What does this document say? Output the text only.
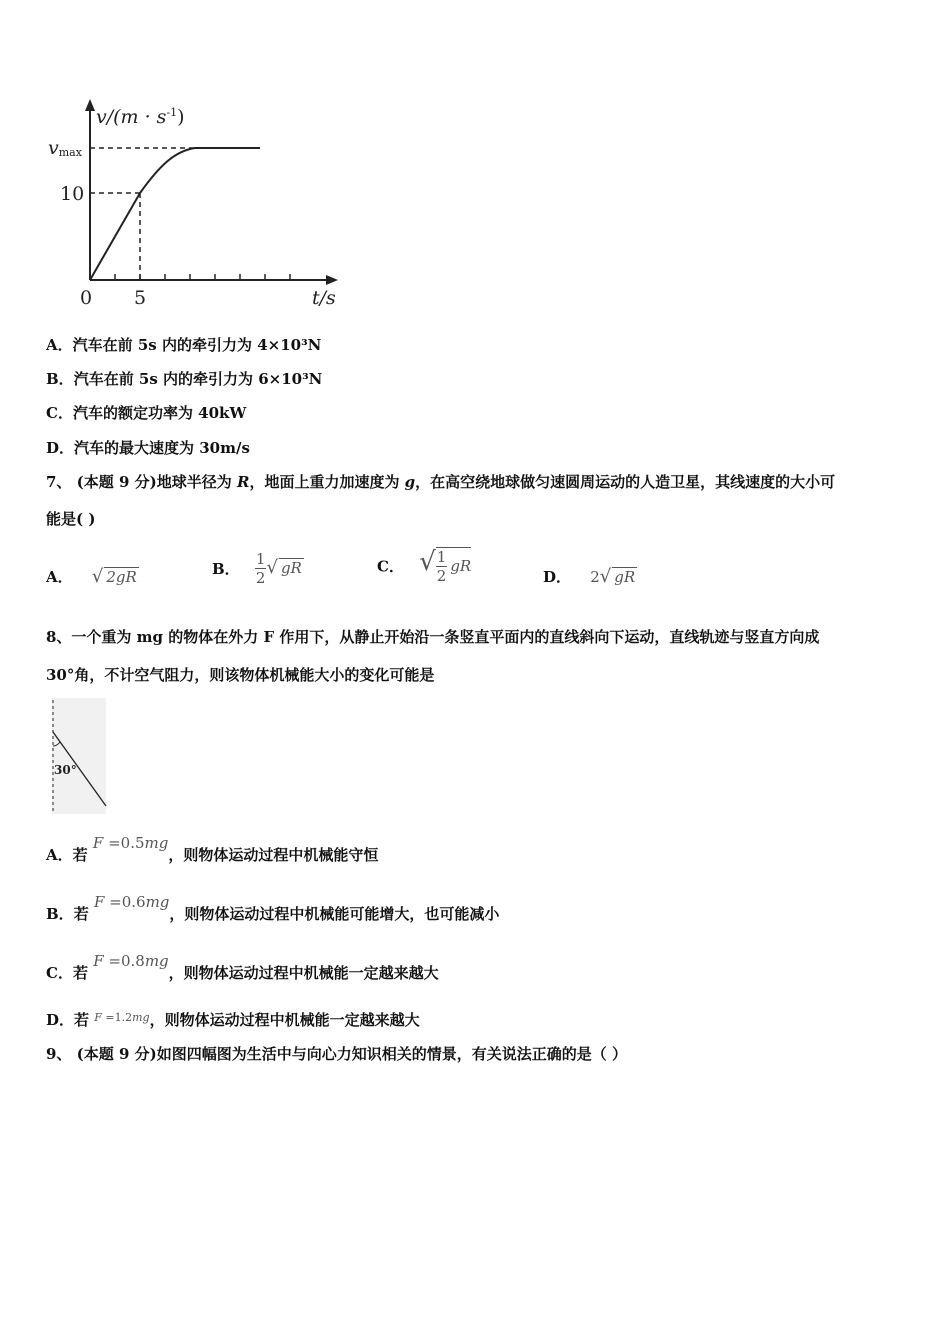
$v/(m \cdot s^{-1})$
vmax
10
0 5	t/s
A．汽车在前 5s 内的牵引力为 4×10³N
B．汽车在前 5s 内的牵引力为 6×10³N
C．汽车的额定功率为 40kW
D．汽车的最大速度为 30m/s
7、 (本题 9 分)地球半径为 R，地面上重力加速度为 g，在高空绕地球做匀速圆周运动的人造卫星，其线速度的大小可
能是( )
A． √ 2gR	B． $\frac{1}{2}$ √ gR	C． √ $\frac{1}{2}$ gR
D． 2√ gR
8、一个重为 mg 的物体在外力 F 作用下，从静止开始沿一条竖直平面内的直线斜向下运动，直线轨迹与竖直方向成
30°角，不计空气阻力，则该物体机械能大小的变化可能是
30°
A．若 F =0.5mg，则物体运动过程中机械能守恒
B．若 F =0.6mg，则物体运动过程中机械能可能增大，也可能减小
C．若 F =0.8mg，则物体运动过程中机械能一定越来越大
D．若 $^{F =1.2mg}$，则物体运动过程中机械能一定越来越大
9、 (本题 9 分)如图四幅图为生活中与向心力知识相关的情景，有关说法正确的是（ ）
